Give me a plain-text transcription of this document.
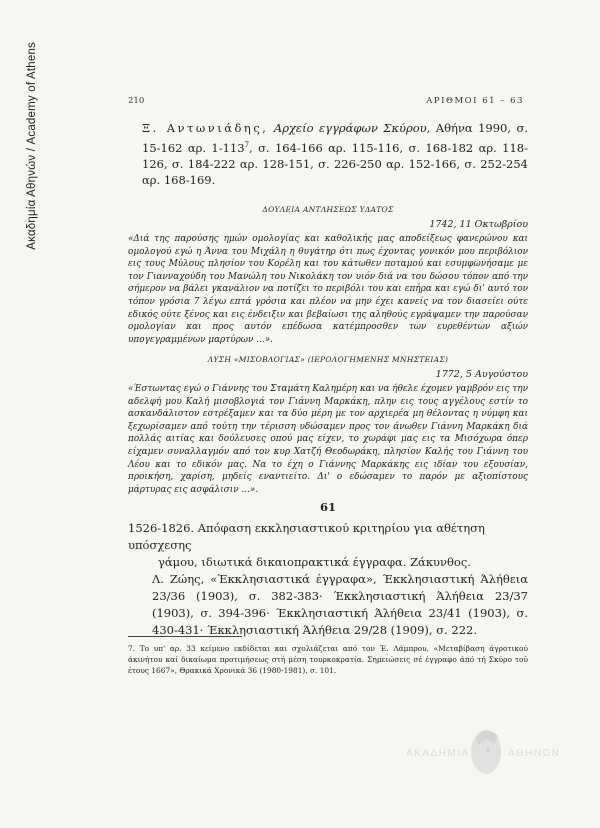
Ακαδημία Αθηνών / Academy of Athens	210	ΑΡΙΘΜΟΙ 61 – 63
Ξ. Αντωνιάδης, Αρχείο εγγράφων Σκύρου, Αθήνα 1990, σ. 15-162 αρ. $1-113^7$, σ. 164-166 αρ. 115-116, σ. 168-182 αρ. 118-126, σ. 184-222 αρ. 128-151, σ. 226-250 αρ. 152-166, σ. 252-254 αρ. 168-169.
ΔΟΥΛΕΙΑ ΑΝΤΛΗΣΕΩΣ ΥΔΑΤΟΣ
1742, 11 Οκτωβρίου
«Διά της παρούσης ημών ομολογίας και καθολικής μας αποδείξεως φανερώνου και ομολογού εγώ η Άννα του Μιχάλη η θυγάτηρ ότι πως έχοντας γονικόν μου περιβόλιον εις τους Μύλους πλησίον του Κορέλη και του κάτωθεν ποταμού και εσυμφωνήσαμε με τον Γιανναχούδη του Μανώλη του Νικολάκη τον υιόν διά να του δώσου τόπον από την σήμερον να βάλει γκανάλιον να ποτίζει το περιβόλι του και επήρα και εγώ δι' αυτό τον τόπον γρόσια 7 λέγω επτά γρόσια και πλέον να μην έχει κανείς να τον διασείει ούτε εδικός ούτε ξένος και εις ένδειξιν και βεβαίωσι της αληθούς εγράψαμεν την παρούσαν ομολογίαν και προς αυτόν επέδωσα κατέμπροσθεν των ευρεθέντων αξιών υπογεγραμμένων μαρτύρων ...».
ΛΥΣΗ «ΜΙΣΟΒΛΟΓΙΑΣ» (ΙΕΡΟΛΟΓΗΜΕΝΗΣ ΜΝΗΣΤΕΙΑΣ)
1772, 5 Αυγούστου
«Έστωντας εγώ ο Γιάννης του Σταμάτη Καλημέρη και να ήθελε έχομεν γαμβρόν εις την αδελφή μου Καλή μισοβλογιά τον Γιάννη Μαρκάκη, πλην εις τους αγγέλους εστίν το ασκανδάλιστον εστρέξαμεν και τα δύο μέρη με τον αρχιερέα μη θέλοντας η νύμφη και ξεχωρίσαμεν από τούτη την τέρισση υδώσαμεν προς τον άνωθεν Γιάννη Μαρκάκη διά πολλάς αιτίας και δούλευσες οπού μας είχεν, το χωράφι μας εις τα Μισόχωρα όπερ είχαμεν συναλλαγμόν από τον κυρ Χατζή Θεοδωράκη, πλησίον Καλής του Γιάννη του Λέου και το εδικόν μας. Να το έχη ο Γιάννης Μαρκάκης εις ιδίαν του εξουσίαν, προικήση, χαρίση, μηδείς εναντιείτο. Δι' ο εδώσαμεν το παρόν με αξιοπίστους μάρτυρας εις ασφάλισιν ...».
61
1526-1826. Απόφαση εκκλησιαστικού κριτηρίου για αθέτηση υπόσχεσης
γάμου, ιδιωτικά δικαιοπρακτικά έγγραφα. Ζάκυνθος.
Λ. Ζώης, «Έκκλησιαστικά έγγραφα», Έκκλησιαστική Άλήθεια 23/36 (1903), σ. 382-383· Έκκλησιαστική Άλήθεια 23/37 (1903), σ. 394-396· Έκκλησιαστική Άλήθεια 23/41 (1903), σ. 430-431· Έκκλησιαστική Άλήθεια 29/28 (1909), σ. 222.
7. Το υπ' αρ. 33 κείμενο εκδίδεται και σχολιάζεται από τον Έ. Λάμπρου, «Μεταβίβαση άγροτικού άκινήτου καί δικαίωμα προτιμήσεως στή μέση τουρκοκρατία. Σημειώσεις σέ έγγραφο άπό τή Σκύρο τοῦ έτους 1667», Θρακικά Χρονικά 36 (1980-1981), σ. 101.
ΑΚΑΔΗΜΙΑ	ΑΘΗΝΩΝ
